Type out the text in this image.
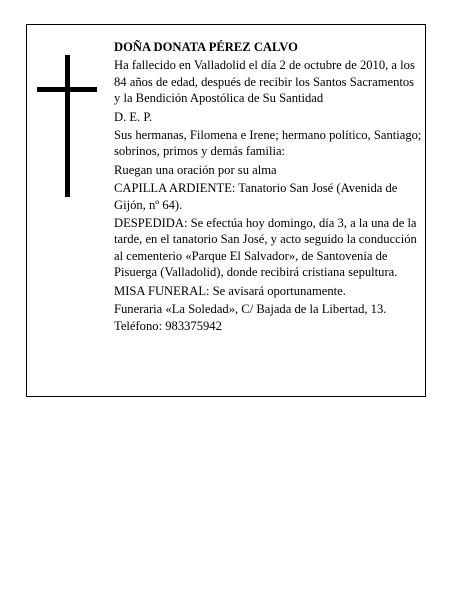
DOÑA DONATA PÉREZ CALVO

Ha fallecido en Valladolid el día 2 de octubre de 2010, a los 84 años de edad, después de recibir los Santos Sacramentos y la Bendición Apostólica de Su Santidad

D. E. P.

Sus hermanas, Filomena e Irene; hermano político, Santiago; sobrinos, primos y demás familia:

Ruegan una oración por su alma

CAPILLA ARDIENTE: Tanatorio San José (Avenida de Gijón, nº 64).

DESPEDIDA: Se efectúa hoy domingo, día 3, a la una de la tarde, en el tanatorio San José, y acto seguido la conducción al cementerio «Parque El Salvador», de Santovenia de Pisuerga (Valladolid), donde recibirá cristiana sepultura.

MISA FUNERAL: Se avisará oportunamente.

Funeraria «La Soledad», C/ Bajada de la Libertad, 13. Teléfono: 983375942
